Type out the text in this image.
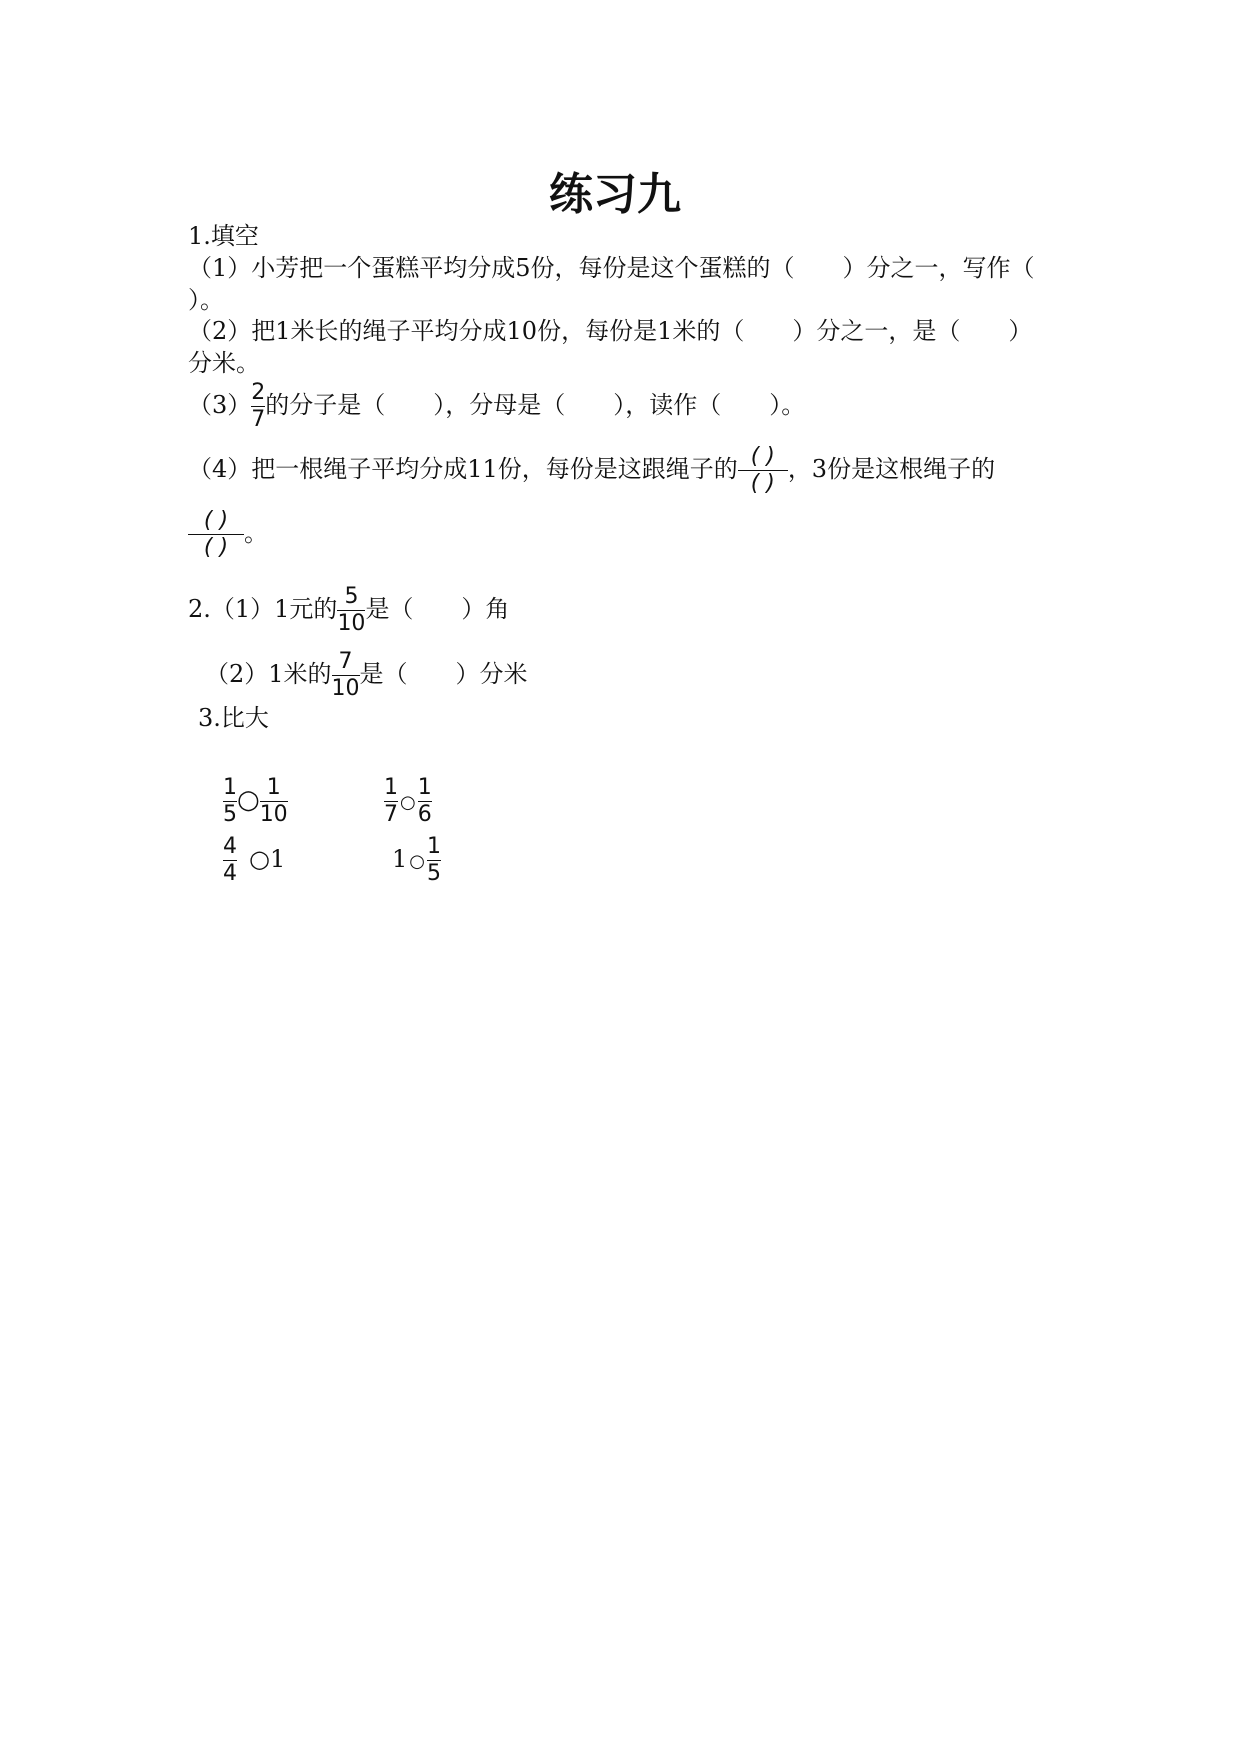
练习九
1.填空
（1）小芳把一个蛋糕平均分成5份，每份是这个蛋糕的（　　）分之一，写作（
）。
（2）把1米长的绳子平均分成10份，每份是1米的（　　）分之一，是（　　）
分米。
$(3) \frac{2}{7}$ 的分子是（　　），分母是（　　），读作（　　）。
（4）把一根绳子平均分成11份，每份是这跟绳子的 $\frac{( )}{( )}$ ，3份是这根绳子的
$\frac{( )}{( )}$ 。
2.（1）1元的 $\frac{5}{10}$ 是（　　）角
（2）1米的 $\frac{7}{10}$ 是（　　）分米
3.比大
$\frac{1}{5}$ ○ $\frac{1}{10}$	$\frac{1}{7}$ ○ $\frac{1}{6}$
$\frac{4}{4}$ ○1	1 ○ $\frac{1}{5}$
